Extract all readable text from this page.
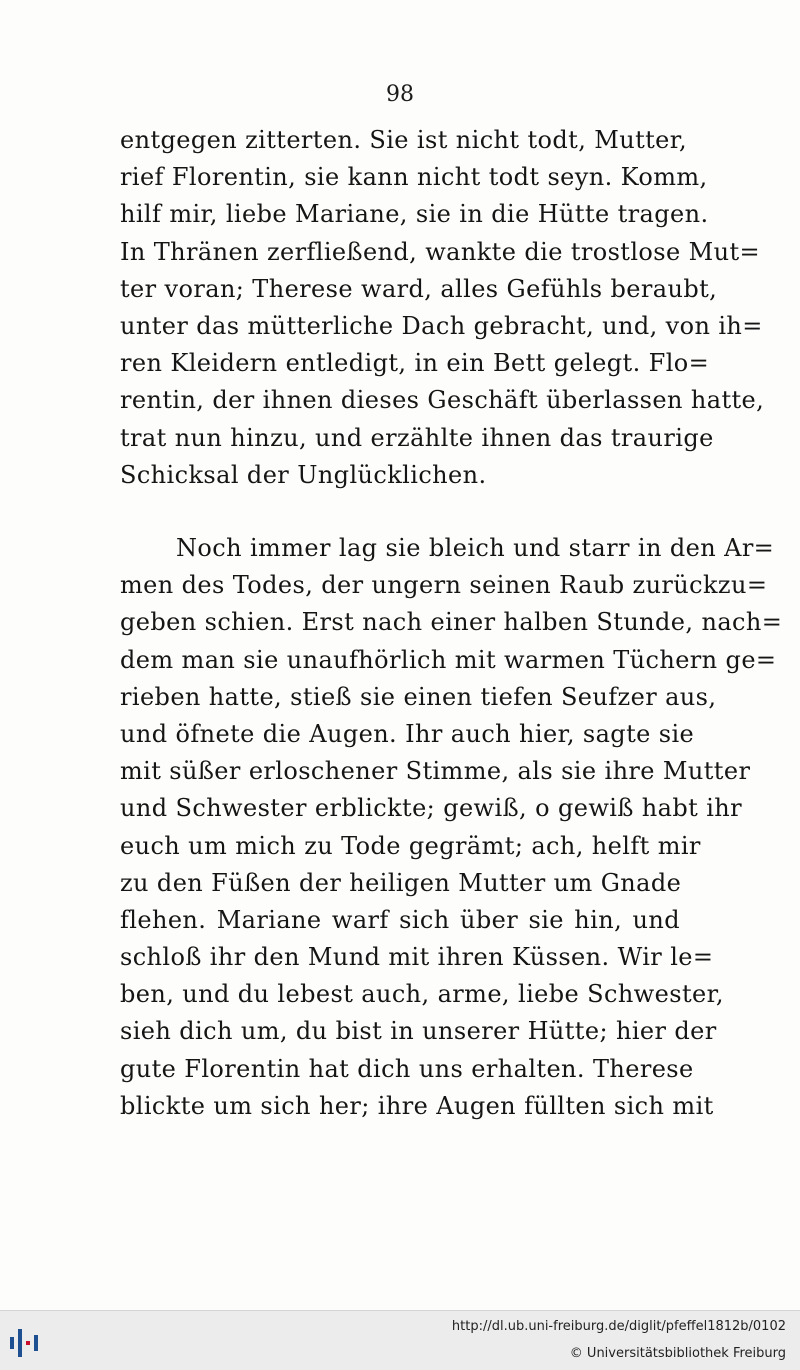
98
entgegen zitterten. Sie ist nicht todt, Mutter,
rief Florentin, sie kann nicht todt seyn. Komm,
hilf mir, liebe Mariane, sie in die Hütte tragen.
In Thränen zerfließend, wankte die trostlose Mut=
ter voran; Therese ward, alles Gefühls beraubt,
unter das mütterliche Dach gebracht, und, von ih=
ren Kleidern entledigt, in ein Bett gelegt. Flo=
rentin, der ihnen dieses Geschäft überlassen hatte,
trat nun hinzu, und erzählte ihnen das traurige
Schicksal der Unglücklichen.
Noch immer lag sie bleich und starr in den Ar=
men des Todes, der ungern seinen Raub zurückzu=
geben schien. Erst nach einer halben Stunde, nach=
dem man sie unaufhörlich mit warmen Tüchern ge=
rieben hatte, stieß sie einen tiefen Seufzer aus,
und öfnete die Augen. Ihr auch hier, sagte sie
mit süßer erloschener Stimme, als sie ihre Mutter
und Schwester erblickte; gewiß, o gewiß habt ihr
euch um mich zu Tode gegrämt; ach, helft mir
zu den Füßen der heiligen Mutter um Gnade
flehen. Mariane warf sich über sie hin, und
schloß ihr den Mund mit ihren Küssen. Wir le=
ben, und du lebest auch, arme, liebe Schwester,
sieh dich um, du bist in unserer Hütte; hier der
gute Florentin hat dich uns erhalten. Therese
blickte um sich her; ihre Augen füllten sich mit
http://dl.ub.uni-freiburg.de/diglit/pfeffel1812b/0102
© Universitätsbibliothek Freiburg
